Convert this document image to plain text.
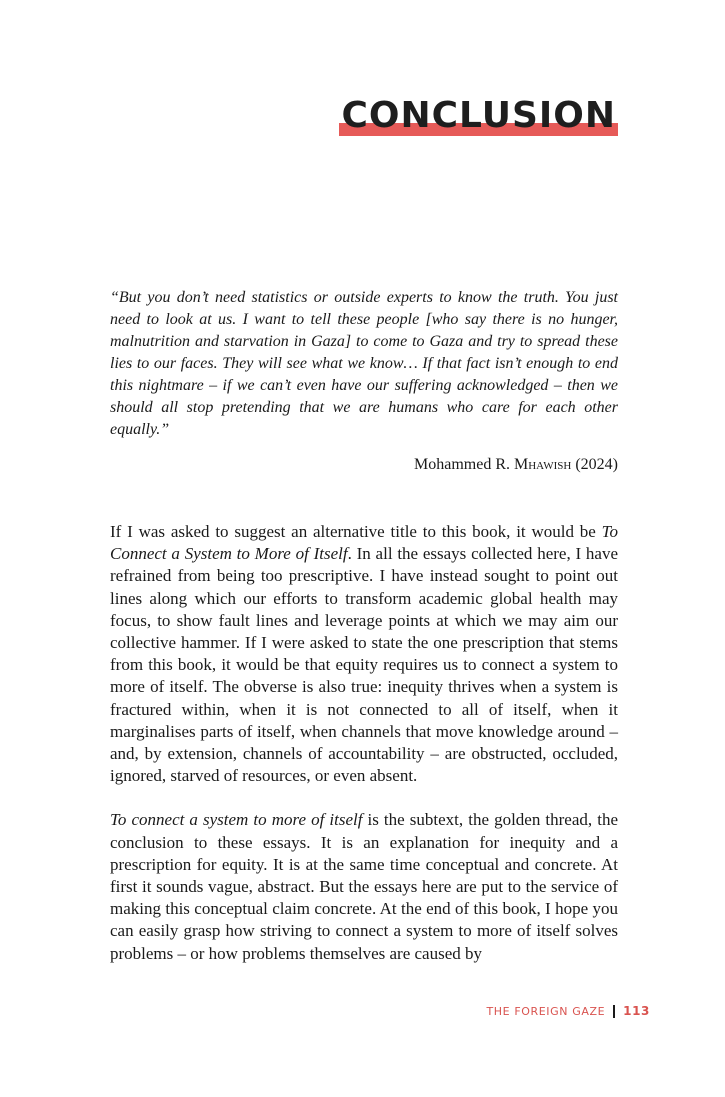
CONCLUSION

“But you don’t need statistics or outside experts to know the truth. You just need to look at us. I want to tell these people [who say there is no hunger, malnutrition and starvation in Gaza] to come to Gaza and try to spread these lies to our faces. They will see what we know… If that fact isn’t enough to end this nightmare – if we can’t even have our suffering acknowledged – then we should all stop pretending that we are humans who care for each other equally.”

Mohammed R. Mhawish (2024)

If I was asked to suggest an alternative title to this book, it would be To Connect a System to More of Itself. In all the essays collected here, I have refrained from being too prescriptive. I have instead sought to point out lines along which our efforts to transform academic global health may focus, to show fault lines and leverage points at which we may aim our collective hammer. If I were asked to state the one prescription that stems from this book, it would be that equity requires us to connect a system to more of itself. The obverse is also true: inequity thrives when a system is fractured within, when it is not connected to all of itself, when it marginalises parts of itself, when channels that move knowledge around – and, by extension, channels of accountability – are obstructed, occluded, ignored, starved of resources, or even absent.

To connect a system to more of itself is the subtext, the golden thread, the conclusion to these essays. It is an explanation for inequity and a prescription for equity. It is at the same time conceptual and concrete. At first it sounds vague, abstract. But the essays here are put to the service of making this conceptual claim concrete. At the end of this book, I hope you can easily grasp how striving to connect a system to more of itself solves problems – or how problems themselves are caused by

THE FOREIGN GAZE 113
